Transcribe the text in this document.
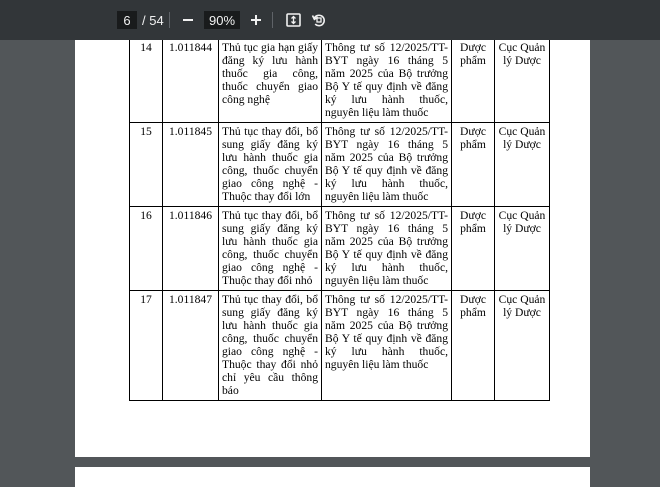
6
/ 54	90%
14	1.011844	Thủ tục gia hạn giấy đăng ký lưu hành thuốc gia công, thuốc chuyển giao công nghệ	Thông tư số 12/2025/TT-BYT ngày 16 tháng 5 năm 2025 của Bộ trưởng Bộ Y tế quy định về đăng ký lưu hành thuốc, nguyên liệu làm thuốc	Dược phẩm	Cục Quản lý Dược
15	1.011845	Thủ tục thay đổi, bổ sung giấy đăng ký lưu hành thuốc gia công, thuốc chuyển giao công nghệ - Thuộc thay đổi lớn	Thông tư số 12/2025/TT-BYT ngày 16 tháng 5 năm 2025 của Bộ trưởng Bộ Y tế quy định về đăng ký lưu hành thuốc, nguyên liệu làm thuốc	Dược phẩm	Cục Quản lý Dược
16	1.011846	Thủ tục thay đổi, bổ sung giấy đăng ký lưu hành thuốc gia công, thuốc chuyển giao công nghệ - Thuộc thay đổi nhỏ	Thông tư số 12/2025/TT-BYT ngày 16 tháng 5 năm 2025 của Bộ trưởng Bộ Y tế quy định về đăng ký lưu hành thuốc, nguyên liệu làm thuốc	Dược phẩm	Cục Quản lý Dược
17	1.011847	Thủ tục thay đổi, bổ sung giấy đăng ký lưu hành thuốc gia công, thuốc chuyển giao công nghệ - Thuộc thay đổi nhỏ chỉ yêu cầu thông báo	Thông tư số 12/2025/TT-BYT ngày 16 tháng 5 năm 2025 của Bộ trưởng Bộ Y tế quy định về đăng ký lưu hành thuốc, nguyên liệu làm thuốc	Dược phẩm	Cục Quản lý Dược
